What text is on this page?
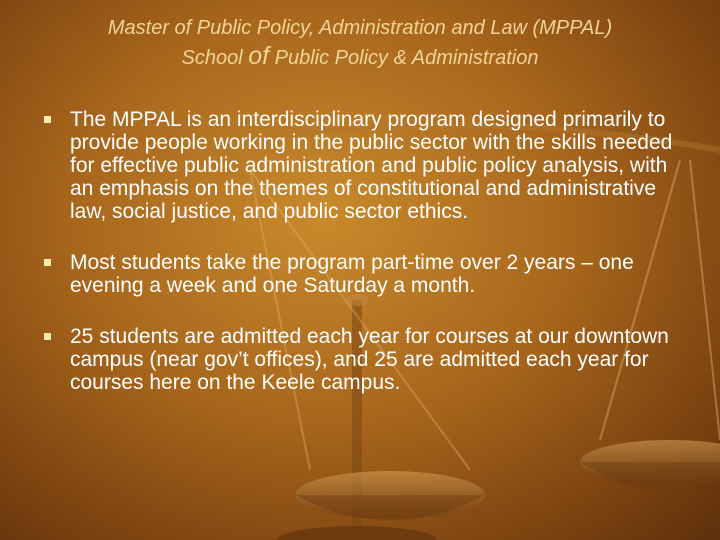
Master of Public Policy, Administration and Law (MPPAL)
School of Public Policy & Administration
The MPPAL is an interdisciplinary program designed primarily to provide people working in the public sector with the skills needed for effective public administration and public policy analysis, with an emphasis on the themes of constitutional and administrative law, social justice, and public sector ethics.
Most students take the program part-time over 2 years – one evening a week and one Saturday a month.
25 students are admitted each year for courses at our downtown campus (near gov’t offices), and 25 are admitted each year for courses here on the Keele campus.
